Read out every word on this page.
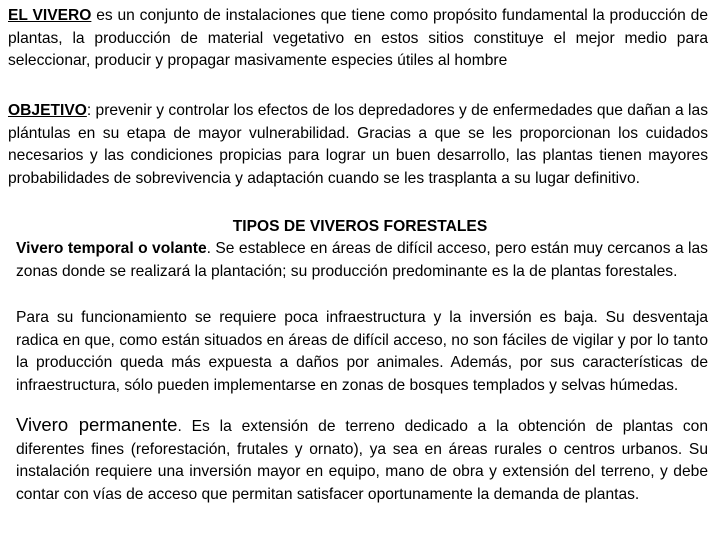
EL VIVERO es un conjunto de instalaciones que tiene como propósito fundamental la producción de plantas, la producción de material vegetativo en estos sitios constituye el mejor medio para seleccionar, producir y propagar masivamente especies útiles al hombre

OBJETIVO: prevenir y controlar los efectos de los depredadores y de enfermedades que dañan a las plántulas en su etapa de mayor vulnerabilidad. Gracias a que se les proporcionan los cuidados necesarios y las condiciones propicias para lograr un buen desarrollo, las plantas tienen mayores probabilidades de sobrevivencia y adaptación cuando se les trasplanta a su lugar definitivo.

TIPOS DE VIVEROS FORESTALES

Vivero temporal o volante. Se establece en áreas de difícil acceso, pero están muy cercanos a las zonas donde se realizará la plantación; su producción predominante es la de plantas forestales.

Para su funcionamiento se requiere poca infraestructura y la inversión es baja. Su desventaja radica en que, como están situados en áreas de difícil acceso, no son fáciles de vigilar y por lo tanto la producción queda más expuesta a daños por animales. Además, por sus características de infraestructura, sólo pueden implementarse en zonas de bosques templados y selvas húmedas.

Vivero permanente. Es la extensión de terreno dedicado a la obtención de plantas con diferentes fines (reforestación, frutales y ornato), ya sea en áreas rurales o centros urbanos. Su instalación requiere una inversión mayor en equipo, mano de obra y extensión del terreno, y debe contar con vías de acceso que permitan satisfacer oportunamente la demanda de plantas.
